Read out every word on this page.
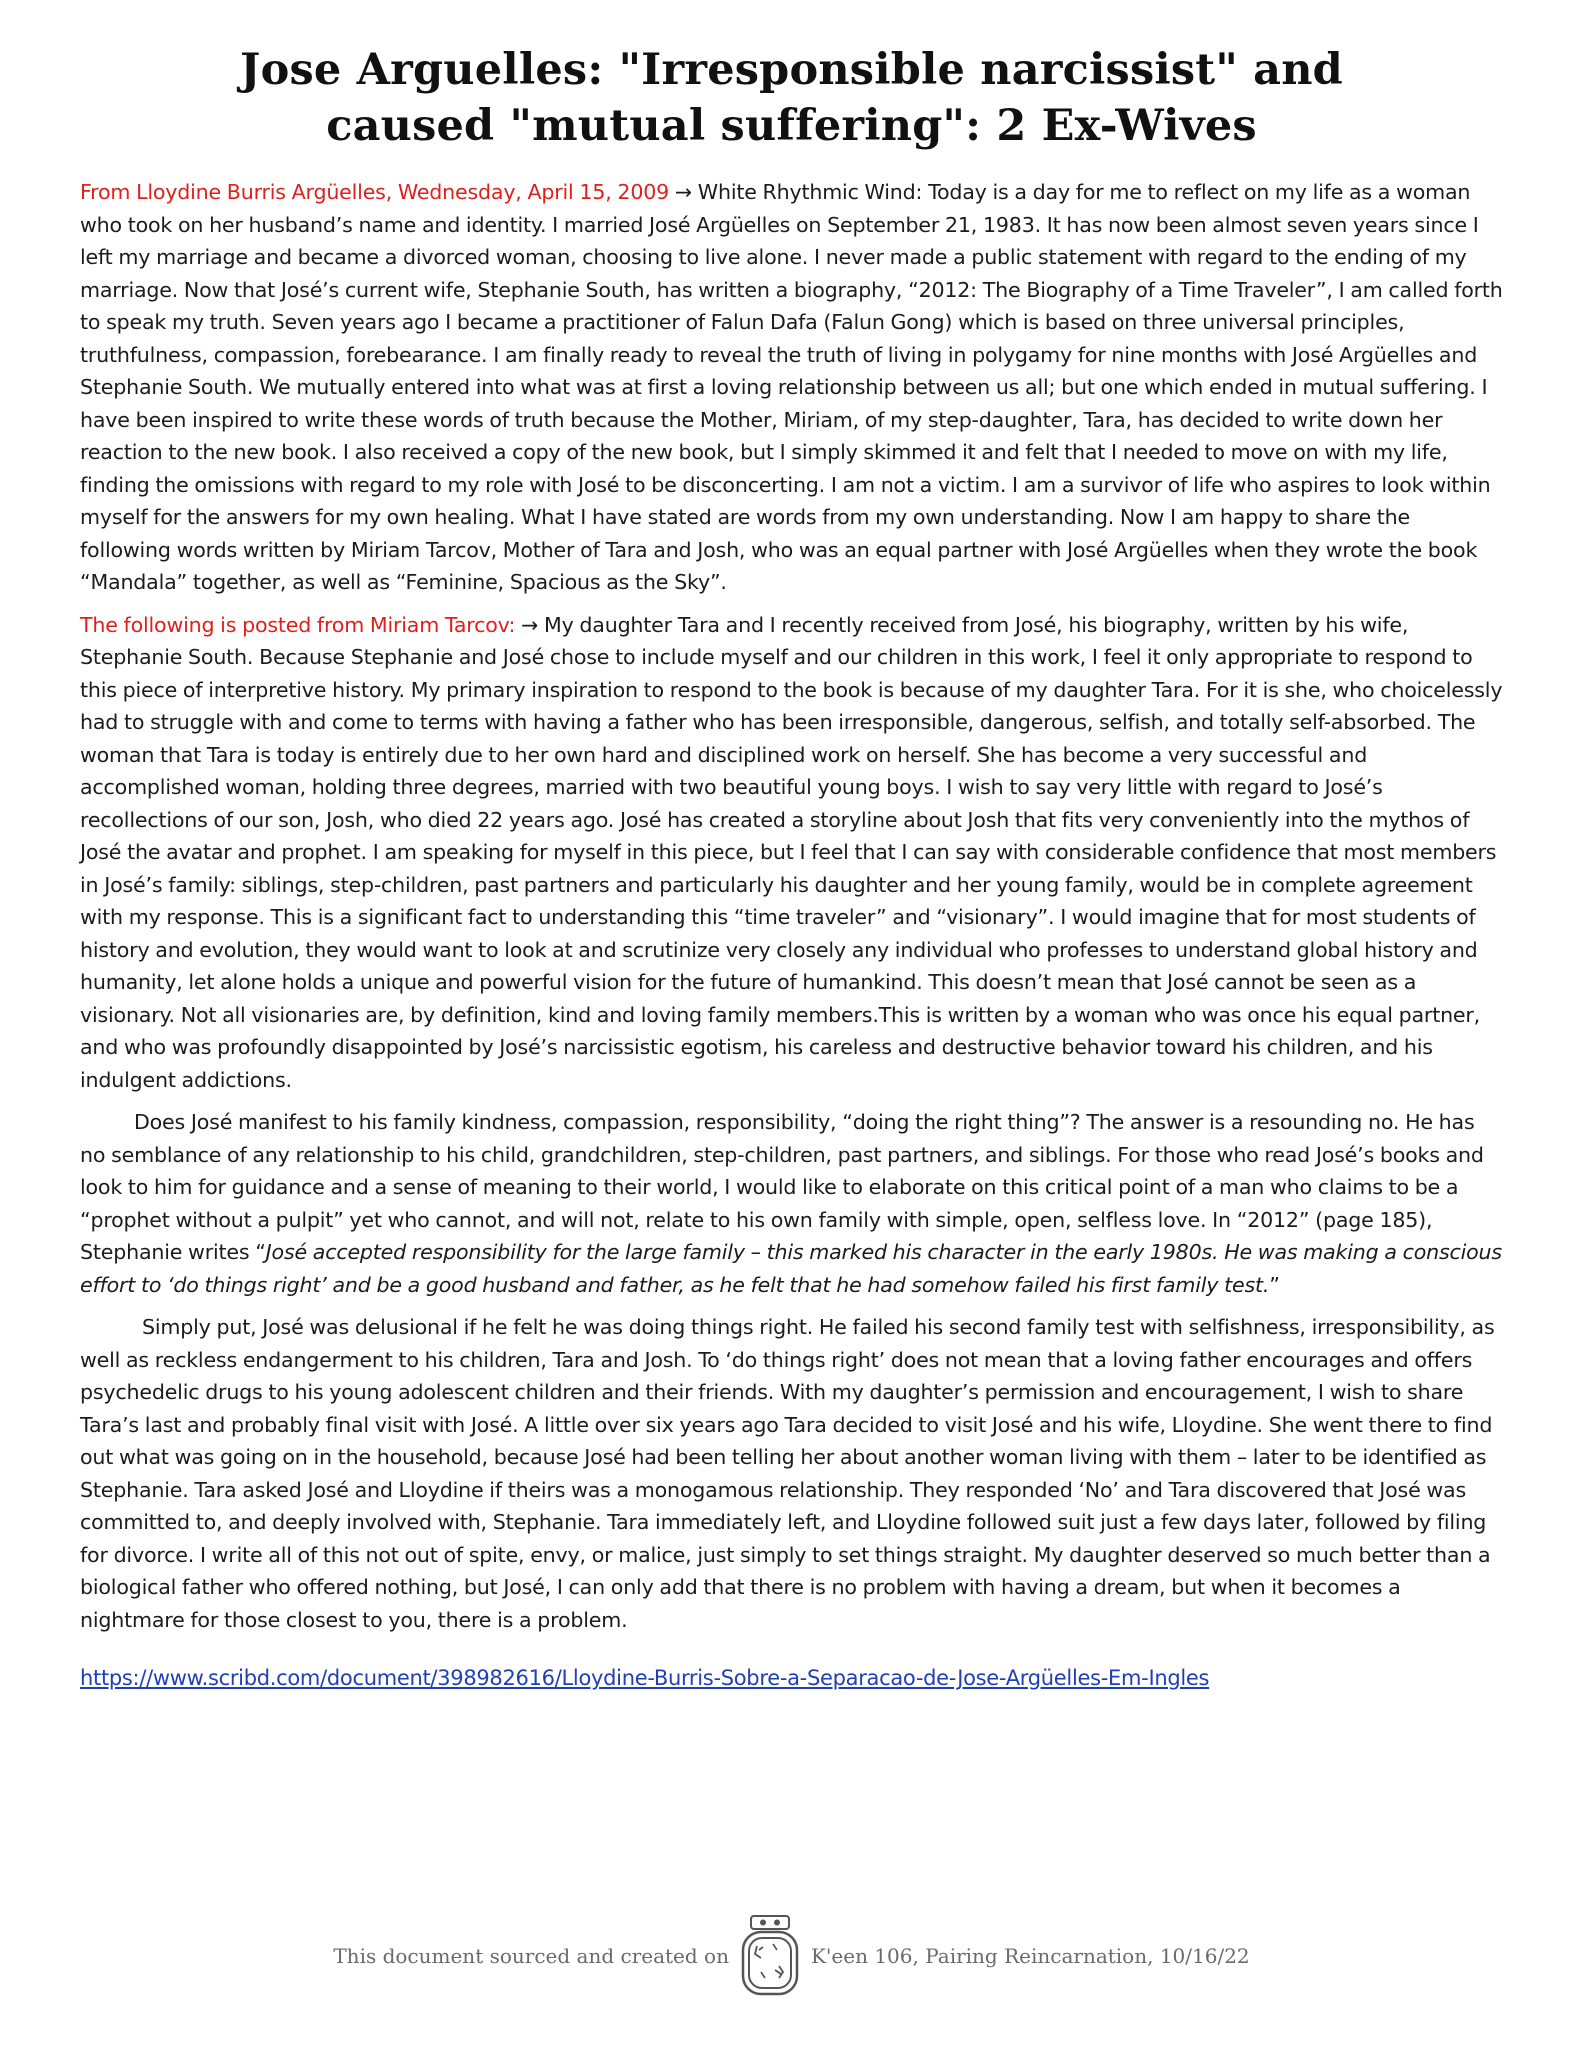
Jose Arguelles: "Irresponsible narcissist" and
caused "mutual suffering": 2 Ex-Wives

From Lloydine Burris Argüelles, Wednesday, April 15, 2009 → White Rhythmic Wind: Today is a day for me to reflect on my life as a woman who took on her husband’s name and identity. I married José Argüelles on September 21, 1983. It has now been almost seven years since I left my marriage and became a divorced woman, choosing to live alone. I never made a public statement with regard to the ending of my marriage. Now that José’s current wife, Stephanie South, has written a biography, “2012: The Biography of a Time Traveler”, I am called forth to speak my truth. Seven years ago I became a practitioner of Falun Dafa (Falun Gong) which is based on three universal principles, truthfulness, compassion, forebearance. I am finally ready to reveal the truth of living in polygamy for nine months with José Argüelles and Stephanie South. We mutually entered into what was at first a loving relationship between us all; but one which ended in mutual suffering. I have been inspired to write these words of truth because the Mother, Miriam, of my step-daughter, Tara, has decided to write down her reaction to the new book. I also received a copy of the new book, but I simply skimmed it and felt that I needed to move on with my life, finding the omissions with regard to my role with José to be disconcerting. I am not a victim. I am a survivor of life who aspires to look within myself for the answers for my own healing. What I have stated are words from my own understanding. Now I am happy to share the following words written by Miriam Tarcov, Mother of Tara and Josh, who was an equal partner with José Argüelles when they wrote the book “Mandala” together, as well as “Feminine, Spacious as the Sky”.

The following is posted from Miriam Tarcov: → My daughter Tara and I recently received from José, his biography, written by his wife, Stephanie South. Because Stephanie and José chose to include myself and our children in this work, I feel it only appropriate to respond to this piece of interpretive history. My primary inspiration to respond to the book is because of my daughter Tara. For it is she, who choicelessly had to struggle with and come to terms with having a father who has been irresponsible, dangerous, selfish, and totally self-absorbed. The woman that Tara is today is entirely due to her own hard and disciplined work on herself. She has become a very successful and accomplished woman, holding three degrees, married with two beautiful young boys. I wish to say very little with regard to José’s recollections of our son, Josh, who died 22 years ago. José has created a storyline about Josh that fits very conveniently into the mythos of José the avatar and prophet. I am speaking for myself in this piece, but I feel that I can say with considerable confidence that most members in José’s family: siblings, step-children, past partners and particularly his daughter and her young family, would be in complete agreement with my response. This is a significant fact to understanding this “time traveler” and “visionary”. I would imagine that for most students of history and evolution, they would want to look at and scrutinize very closely any individual who professes to understand global history and humanity, let alone holds a unique and powerful vision for the future of humankind. This doesn’t mean that José cannot be seen as a visionary. Not all visionaries are, by definition, kind and loving family members.This is written by a woman who was once his equal partner, and who was profoundly disappointed by José’s narcissistic egotism, his careless and destructive behavior toward his children, and his indulgent addictions.

Does José manifest to his family kindness, compassion, responsibility, “doing the right thing”? The answer is a resounding no. He has no semblance of any relationship to his child, grandchildren, step-children, past partners, and siblings. For those who read José’s books and look to him for guidance and a sense of meaning to their world, I would like to elaborate on this critical point of a man who claims to be a “prophet without a pulpit” yet who cannot, and will not, relate to his own family with simple, open, selfless love. In “2012” (page 185), Stephanie writes “José accepted responsibility for the large family – this marked his character in the early 1980s. He was making a conscious effort to ‘do things right’ and be a good husband and father, as he felt that he had somehow failed his first family test.”

Simply put, José was delusional if he felt he was doing things right. He failed his second family test with selfishness, irresponsibility, as well as reckless endangerment to his children, Tara and Josh. To ‘do things right’ does not mean that a loving father encourages and offers psychedelic drugs to his young adolescent children and their friends. With my daughter’s permission and encouragement, I wish to share Tara’s last and probably final visit with José. A little over six years ago Tara decided to visit José and his wife, Lloydine. She went there to find out what was going on in the household, because José had been telling her about another woman living with them – later to be identified as Stephanie. Tara asked José and Lloydine if theirs was a monogamous relationship. They responded ‘No’ and Tara discovered that José was committed to, and deeply involved with, Stephanie. Tara immediately left, and Lloydine followed suit just a few days later, followed by filing for divorce. I write all of this not out of spite, envy, or malice, just simply to set things straight. My daughter deserved so much better than a biological father who offered nothing, but José, I can only add that there is no problem with having a dream, but when it becomes a nightmare for those closest to you, there is a problem.

https://www.scribd.com/document/398982616/Lloydine-Burris-Sobre-a-Separacao-de-Jose-Argüelles-Em-Ingles
This document sourced and created on	K'een 106, Pairing Reincarnation, 10/16/22
